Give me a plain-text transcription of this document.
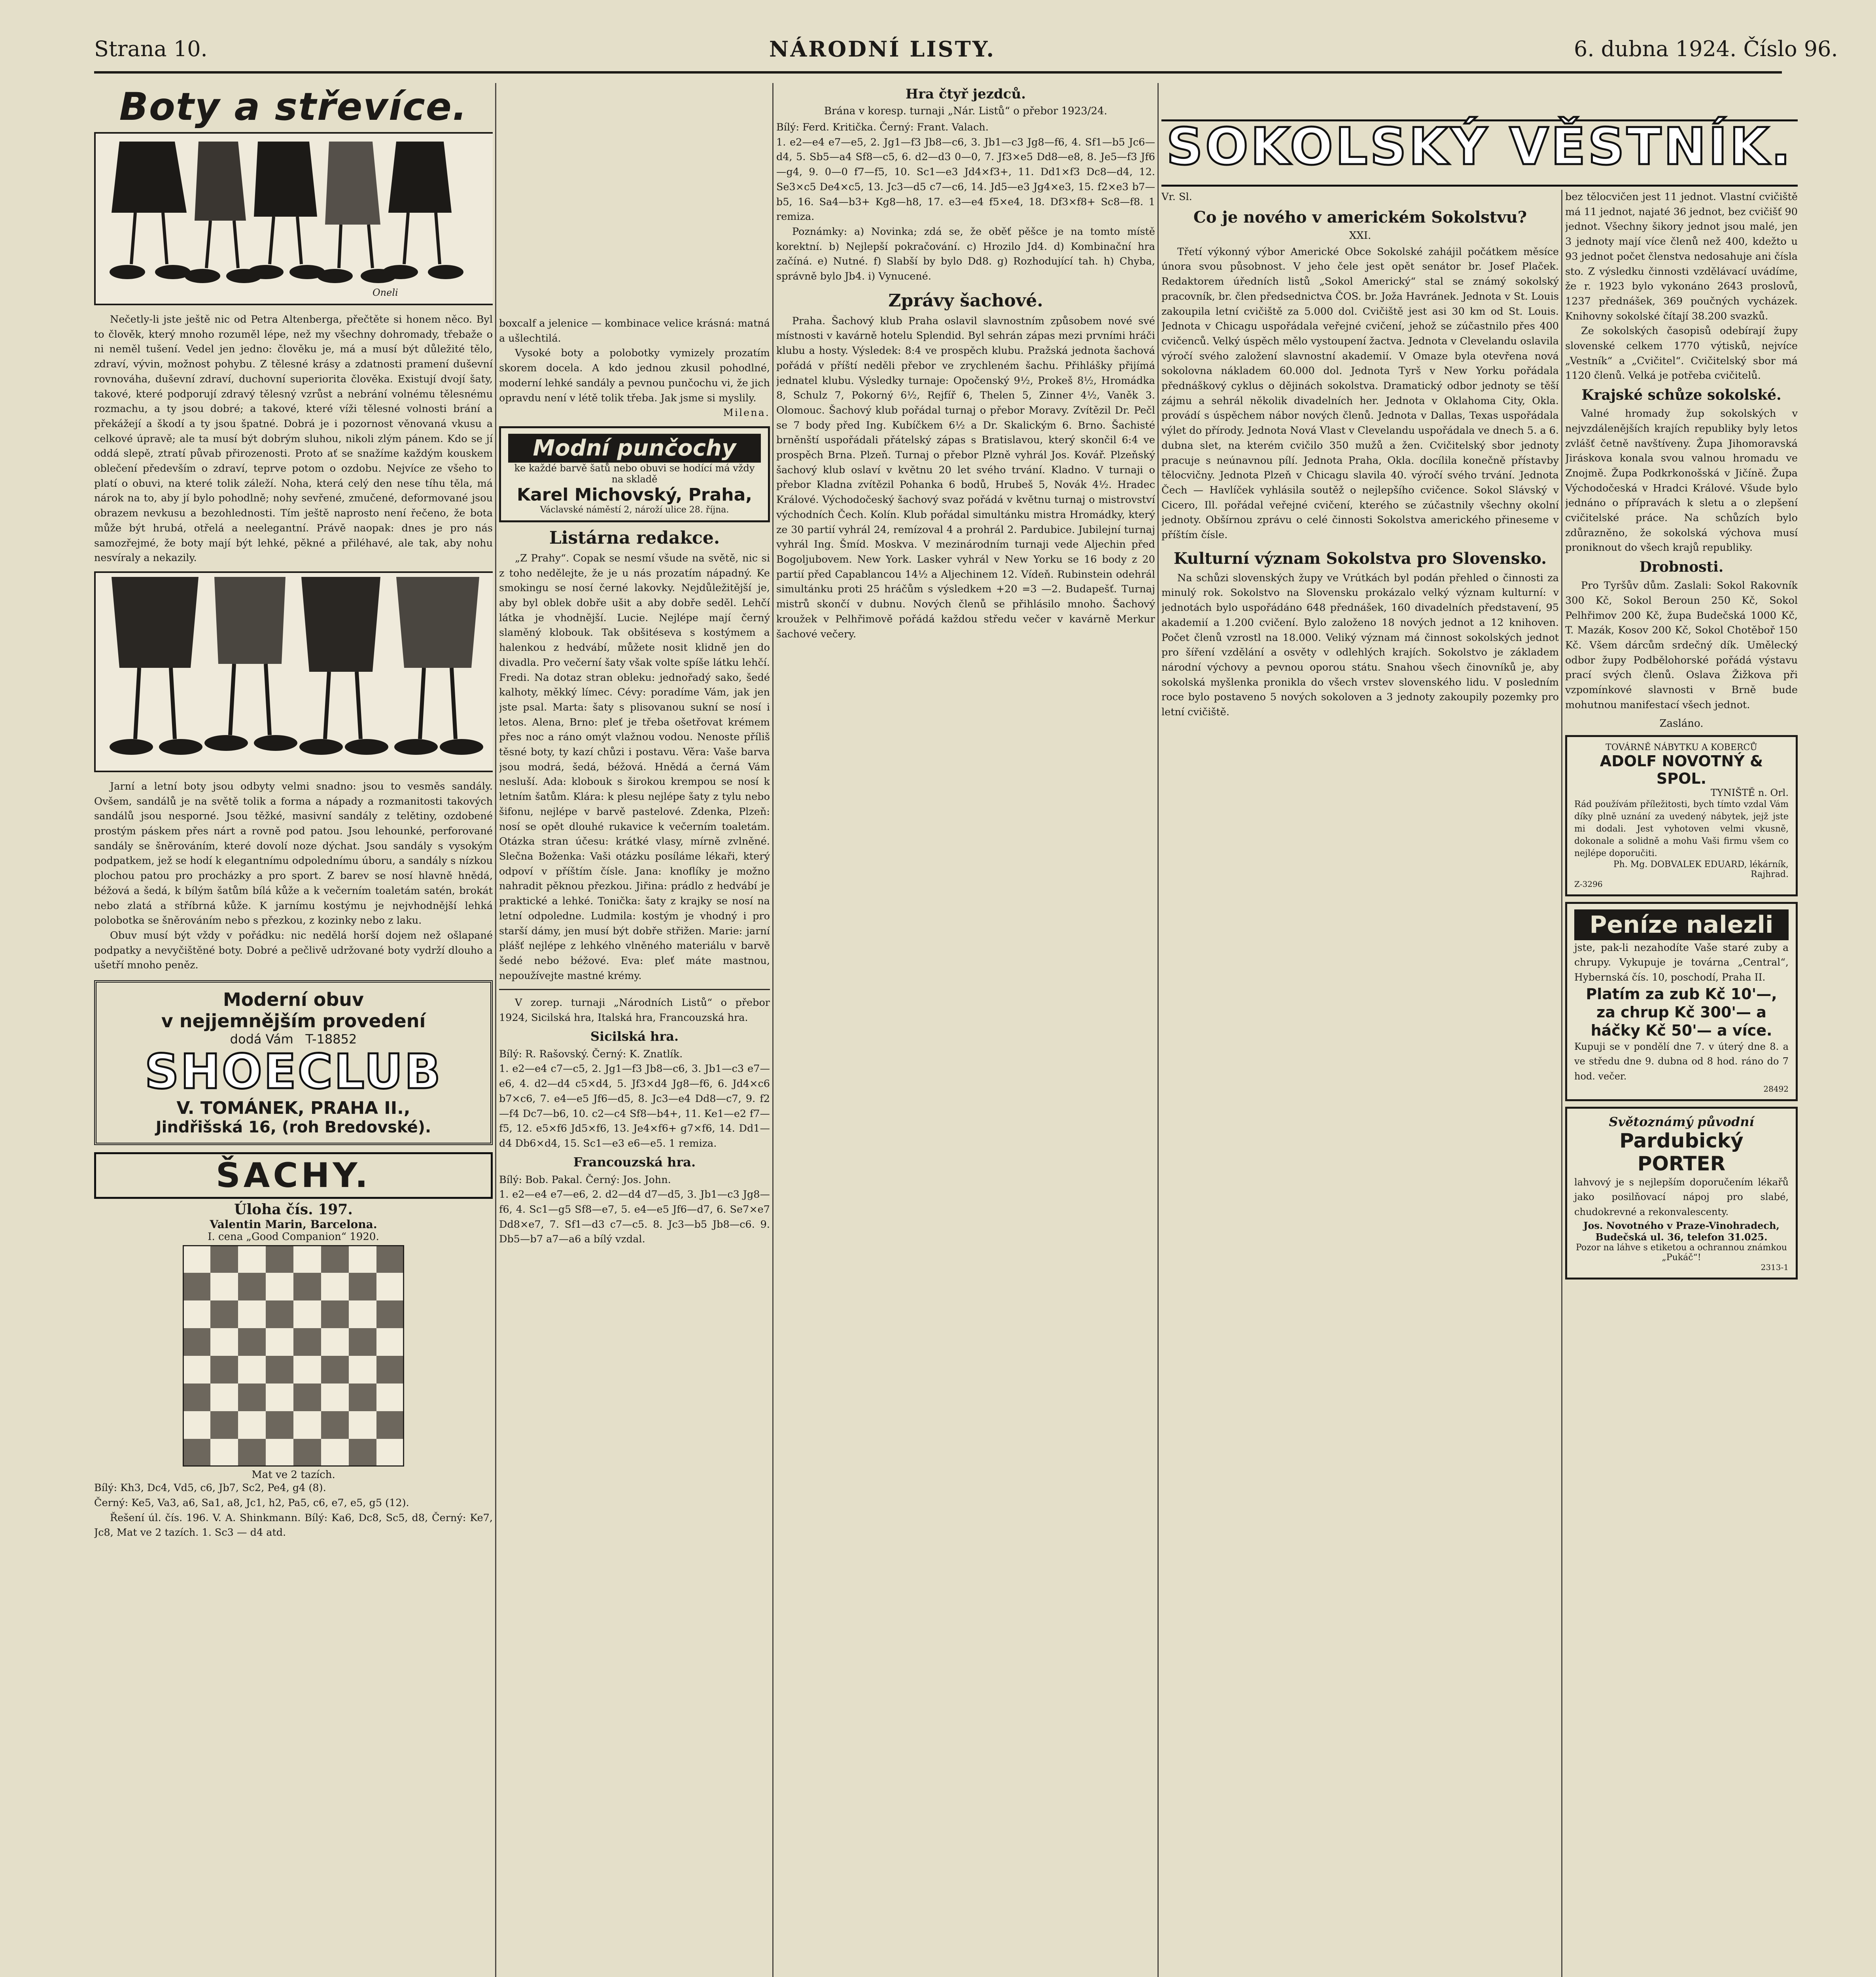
Strana 10.	NÁRODNÍ LISTY.	6. dubna 1924. Číslo 96.
Boty a střevíce.
Oneli

Nečetly-li jste ještě nic od Petra Altenberga, přečtěte si honem něco. Byl to člověk, který mnoho rozuměl lépe, než my všechny dohromady, třebaže o ni neměl tušení. Vedel jen jedno: člověku je, má a musí být důležité tělo, zdraví, vývin, možnost pohybu. Z tělesné krásy a zdatnosti pramení duševní rovnováha, duševní zdraví, duchovní superiorita člověka. Existují dvojí šaty, takové, které podporují zdravý tělesný vzrůst a nebrání volnému tělesnému rozmachu, a ty jsou dobré; a takové, které víži tělesné volnosti brání a překážejí a škodí a ty jsou špatné. Dobrá je i pozornost věnovaná vkusu a celkové úpravě; ale ta musí být dobrým sluhou, nikoli zlým pánem. Kdo se jí oddá slepě, ztratí půvab přirozenosti. Proto ať se snažíme každým kouskem oblečení především o zdraví, teprve potom o ozdobu. Nejvíce ze všeho to platí o obuvi, na které tolik záleží. Noha, která celý den nese tíhu těla, má nárok na to, aby jí bylo pohodlně; nohy sevřené, zmučené, deformované jsou obrazem nevkusu a bezohlednosti. Tím ještě naprosto není řečeno, že bota může být hrubá, otřelá a neelegantní. Právě naopak: dnes je pro nás samozřejmé, že boty mají být lehké, pěkné a přiléhavé, ale tak, aby nohu nesvíraly a nekazily.

Jarní a letní boty jsou odbyty velmi snadno: jsou to vesměs sandály. Ovšem, sandálů je na světě tolik a forma a nápady a rozmanitosti takových sandálů jsou nesporné. Jsou těžké, masivní sandály z telětiny, ozdobené prostým páskem přes nárt a rovně pod patou. Jsou lehounké, perforované sandály se šněrováním, které dovolí noze dýchat. Jsou sandály s vysokým podpatkem, jež se hodí k elegantnímu odpolednímu úboru, a sandály s nízkou plochou patou pro procházky a pro sport. Z barev se nosí hlavně hnědá, béžová a šedá, k bílým šatům bílá kůže a k večerním toaletám satén, brokát nebo zlatá a stříbrná kůže. K jarnímu kostýmu je nejvhodnější lehká polobotka se šněrováním nebo s přezkou, z kozinky nebo z laku.

Obuv musí být vždy v pořádku: nic nedělá horší dojem než ošlapané podpatky a nevyčištěné boty. Dobré a pečlivě udržované boty vydrží dlouho a ušetří mnoho peněz.

Moderní obuv
v nejjemnějším provedení
dodá Vám T-18852
SHOECLUB
V. TOMÁNEK, PRAHA II.,
Jindřišská 16, (roh Bredovské).
ŠACHY.
Úloha čís. 197.
Valentin Marin, Barcelona.
I. cena „Good Companion“ 1920.
Mat ve 2 tazích.

Bílý: Kh3, Dc4, Vd5, c6, Jb7, Sc2, Pe4, g4 (8).

Černý: Ke5, Va3, a6, Sa1, a8, Jc1, h2, Pa5, c6, e7, e5, g5 (12).

Řešení úl. čís. 196. V. A. Shinkmann. Bílý: Ka6, Dc8, Sc5, d8, Černý: Ke7, Jc8, Mat ve 2 tazích. 1. Sc3 — d4 atd.

boxcalf a jelenice — kombinace velice krásná: matná a ušlechtilá.

Vysoké boty a polobotky vymizely prozatím skorem docela. A kdo jednou zkusil pohodlné, moderní lehké sandály a pevnou punčochu vi, že jich opravdu není v létě tolik třeba. Jak jsme si myslily.

Milena.

Modní punčochy
ke každé barvě šatů nebo obuvi se hodící má vždy na skladě
Karel Michovský, Praha,
Václavské náměstí 2, nároží ulice 28. října.
Listárna redakce.

„Z Prahy“. Copak se nesmí všude na světě, nic si z toho nedělejte, že je u nás prozatím nápadný. Ke smokingu se nosí černé lakovky. Nejdůležitější je, aby byl oblek dobře ušit a aby dobře seděl. Lehčí látka je vhodnější. Lucie. Nejlépe mají černý slaměný klobouk. Tak obšitéseva s kostýmem a halenkou z hedvábí, můžete nosit klidně jen do divadla. Pro večerní šaty však volte spíše látku lehčí. Fredi. Na dotaz stran obleku: jednořadý sako, šedé kalhoty, měkký límec. Cévy: poradíme Vám, jak jen jste psal. Marta: šaty s plisovanou sukní se nosí i letos. Alena, Brno: pleť je třeba ošetřovat krémem přes noc a ráno omýt vlažnou vodou. Nenoste příliš těsné boty, ty kazí chůzi i postavu. Věra: Vaše barva jsou modrá, šedá, béžová. Hnědá a černá Vám nesluší. Ada: klobouk s širokou krempou se nosí k letním šatům. Klára: k plesu nejlépe šaty z tylu nebo šifonu, nejlépe v barvě pastelové. Zdenka, Plzeň: nosí se opět dlouhé rukavice k večerním toaletám. Otázka stran účesu: krátké vlasy, mírně zvlněné. Slečna Boženka: Vaši otázku posíláme lékaři, který odpoví v příštím čísle. Jana: knoflíky je možno nahradit pěknou přezkou. Jiřina: prádlo z hedvábí je praktické a lehké. Tonička: šaty z krajky se nosí na letní odpoledne. Ludmila: kostým je vhodný i pro starší dámy, jen musí být dobře střižen. Marie: jarní plášť nejlépe z lehkého vlněného materiálu v barvě šedé nebo béžové. Eva: pleť máte mastnou, nepoužívejte mastné krémy.

V zorep. turnaji „Národních Listů“ o přebor 1924, Sicilská hra, Italská hra, Francouzská hra.

Sicilská hra.

Bílý: R. Rašovský. Černý: K. Znatlík.

1. e2—e4 c7—c5, 2. Jg1—f3 Jb8—c6, 3. Jb1—c3 e7—e6, 4. d2—d4 c5×d4, 5. Jf3×d4 Jg8—f6, 6. Jd4×c6 b7×c6, 7. e4—e5 Jf6—d5, 8. Jc3—e4 Dd8—c7, 9. f2—f4 Dc7—b6, 10. c2—c4 Sf8—b4+, 11. Ke1—e2 f7—f5, 12. e5×f6 Jd5×f6, 13. Je4×f6+ g7×f6, 14. Dd1—d4 Db6×d4, 15. Sc1—e3 e6—e5. 1 remiza.

Francouzská hra.

Bílý: Bob. Pakal. Černý: Jos. John.

1. e2—e4 e7—e6, 2. d2—d4 d7—d5, 3. Jb1—c3 Jg8—f6, 4. Sc1—g5 Sf8—e7, 5. e4—e5 Jf6—d7, 6. Se7×e7 Dd8×e7, 7. Sf1—d3 c7—c5. 8. Jc3—b5 Jb8—c6. 9. Db5—b7 a7—a6 a bílý vzdal.

Hra čtyř jezdců.
Brána v koresp. turnaji „Nár. Listů“ o přebor 1923/24.

Bílý: Ferd. Kritička. Černý: Frant. Valach.

1. e2—e4 e7—e5, 2. Jg1—f3 Jb8—c6, 3. Jb1—c3 Jg8—f6, 4. Sf1—b5 Jc6—d4, 5. Sb5—a4 Sf8—c5, 6. d2—d3 0—0, 7. Jf3×e5 Dd8—e8, 8. Je5—f3 Jf6—g4, 9. 0—0 f7—f5, 10. Sc1—e3 Jd4×f3+, 11. Dd1×f3 Dc8—d4, 12. Se3×c5 De4×c5, 13. Jc3—d5 c7—c6, 14. Jd5—e3 Jg4×e3, 15. f2×e3 b7—b5, 16. Sa4—b3+ Kg8—h8, 17. e3—e4 f5×e4, 18. Df3×f8+ Sc8—f8. 1 remiza.

Poznámky: a) Novinka; zdá se, že oběť pěšce je na tomto místě korektní. b) Nejlepší pokračování. c) Hrozilo Jd4. d) Kombinační hra začíná. e) Nutné. f) Slabší by bylo Dd8. g) Rozhodující tah. h) Chyba, správně bylo Jb4. i) Vynucené.

Zprávy šachové.

Praha. Šachový klub Praha oslavil slavnostním způsobem nové své místnosti v kavárně hotelu Splendid. Byl sehrán zápas mezi prvními hráči klubu a hosty. Výsledek: 8:4 ve prospěch klubu. Pražská jednota šachová pořádá v příští neděli přebor ve zrychleném šachu. Přihlášky přijímá jednatel klubu. Výsledky turnaje: Opočenský 9½, Prokeš 8½, Hromádka 8, Schulz 7, Pokorný 6½, Rejfíř 6, Thelen 5, Zinner 4½, Vaněk 3. Olomouc. Šachový klub pořádal turnaj o přebor Moravy. Zvítězil Dr. Pečl se 7 body před Ing. Kubíčkem 6½ a Dr. Skalickým 6. Brno. Šachisté brněnští uspořádali přátelský zápas s Bratislavou, který skončil 6:4 ve prospěch Brna. Plzeň. Turnaj o přebor Plzně vyhrál Jos. Kovář. Plzeňský šachový klub oslaví v květnu 20 let svého trvání. Kladno. V turnaji o přebor Kladna zvítězil Pohanka 6 bodů, Hrubeš 5, Novák 4½. Hradec Králové. Východočeský šachový svaz pořádá v květnu turnaj o mistrovství východních Čech. Kolín. Klub pořádal simultánku mistra Hromádky, který ze 30 partií vyhrál 24, remízoval 4 a prohrál 2. Pardubice. Jubilejní turnaj vyhrál Ing. Šmíd. Moskva. V mezinárodním turnaji vede Aljechin před Bogoljubovem. New York. Lasker vyhrál v New Yorku se 16 body z 20 partií před Capablancou 14½ a Aljechinem 12. Vídeň. Rubinstein odehrál simultánku proti 25 hráčům s výsledkem +20 =3 —2. Budapešť. Turnaj mistrů skončí v dubnu. Nových členů se přihlásilo mnoho. Šachový kroužek v Pelhřimově pořádá každou středu večer v kavárně Merkur šachové večery.

SOKOLSKÝ VĚSTNÍK.

Vr. Sl.

Co je nového v americkém Sokolstvu?
XXI.

Třetí výkonný výbor Americké Obce Sokolské zahájil počátkem měsíce února svou působnost. V jeho čele jest opět senátor br. Josef Plaček. Redaktorem úředních listů „Sokol Americký“ stal se známý sokolský pracovník, br. člen předsednictva ČOS. br. Joža Havránek. Jednota v St. Louis zakoupila letní cvičiště za 5.000 dol. Cvičiště jest asi 30 km od St. Louis. Jednota v Chicagu uspořádala veřejné cvičení, jehož se zúčastnilo přes 400 cvičenců. Velký úspěch mělo vystoupení žactva. Jednota v Clevelandu oslavila výročí svého založení slavnostní akademií. V Omaze byla otevřena nová sokolovna nákladem 60.000 dol. Jednota Tyrš v New Yorku pořádala přednáškový cyklus o dějinách sokolstva. Dramatický odbor jednoty se těší zájmu a sehrál několik divadelních her. Jednota v Oklahoma City, Okla. provádí s úspěchem nábor nových členů. Jednota v Dallas, Texas uspořádala výlet do přírody. Jednota Nová Vlast v Clevelandu uspořádala ve dnech 5. a 6. dubna slet, na kterém cvičilo 350 mužů a žen. Cvičitelský sbor jednoty pracuje s neúnavnou pílí. Jednota Praha, Okla. docílila konečně přístavby tělocvičny. Jednota Plzeň v Chicagu slavila 40. výročí svého trvání. Jednota Čech — Havlíček vyhlásila soutěž o nejlepšího cvičence. Sokol Slávský v Cicero, Ill. pořádal veřejné cvičení, kterého se zúčastnily všechny okolní jednoty. Obšírnou zprávu o celé činnosti Sokolstva amerického přineseme v příštím čísle.

Kulturní význam Sokolstva pro Slovensko.

Na schůzi slovenských župy ve Vrútkách byl podán přehled o činnosti za minulý rok. Sokolstvo na Slovensku prokázalo velký význam kulturní: v jednotách bylo uspořádáno 648 přednášek, 160 divadelních představení, 95 akademií a 1.200 cvičení. Bylo založeno 18 nových jednot a 12 knihoven. Počet členů vzrostl na 18.000. Veliký význam má činnost sokolských jednot pro šíření vzdělání a osvěty v odlehlých krajích. Sokolstvo je základem národní výchovy a pevnou oporou státu. Snahou všech činovníků je, aby sokolská myšlenka pronikla do všech vrstev slovenského lidu. V posledním roce bylo postaveno 5 nových sokoloven a 3 jednoty zakoupily pozemky pro letní cvičiště.

bez tělocvičen jest 11 jednot. Vlastní cvičiště má 11 jednot, najaté 36 jednot, bez cvičišť 90 jednot. Všechny šikory jednot jsou malé, jen 3 jednoty mají více členů než 400, kdežto u 93 jednot počet členstva nedosahuje ani čísla sto. Z výsledku činnosti vzdělávací uvádíme, že r. 1923 bylo vykonáno 2643 proslovů, 1237 přednášek, 369 poučných vycházek. Knihovny sokolské čítají 38.200 svazků.

Ze sokolských časopisů odebírají župy slovenské celkem 1770 výtisků, nejvíce „Vestník“ a „Cvičitel“. Cvičitelský sbor má 1120 členů. Velká je potřeba cvičitelů.

Krajské schůze sokolské.

Valné hromady žup sokolských v nejvzdálenějších krajích republiky byly letos zvlášť četně navštíveny. Župa Jihomoravská Jiráskova konala svou valnou hromadu ve Znojmě. Župa Podkrkonošská v Jičíně. Župa Východočeská v Hradci Králové. Všude bylo jednáno o přípravách k sletu a o zlepšení cvičitelské práce. Na schůzích bylo zdůrazněno, že sokolská výchova musí proniknout do všech krajů republiky.

Drobnosti.

Pro Tyršův dům. Zaslali: Sokol Rakovník 300 Kč, Sokol Beroun 250 Kč, Sokol Pelhřimov 200 Kč, župa Budečská 1000 Kč, T. Mazák, Kosov 200 Kč, Sokol Chotěboř 150 Kč. Všem dárcům srdečný dík. Umělecký odbor župy Podbělohorské pořádá výstavu prací svých členů. Oslava Žižkova při vzpomínkové slavnosti v Brně bude mohutnou manifestací všech jednot.

Zasláno.
TOVÁRNĚ NÁBYTKU A KOBERCŮ
ADOLF NOVOTNÝ & SPOL.
TYNIŠTĚ n. Orl.

Rád používám příležitosti, bych tímto vzdal Vám díky plně uznání za uvedený nábytek, jejž jste mi dodali. Jest vyhotoven velmi vkusně, dokonale a solidně a mohu Vaši firmu všem co nejlépe doporučiti.

Ph. Mg. DOBVALEK EDUARD, lékárník, Rajhrad.
Z-3296
Peníze nalezli

jste, pak-li nezahodíte Vaše staré zuby a chrupy. Vykupuje je továrna „Central“, Hybernská čís. 10, poschodí, Praha II.

Platím za zub Kč 10'—, za chrup Kč 300'— a háčky Kč 50'— a více.

Kupuji se v pondělí dne 7. v úterý dne 8. a ve středu dne 9. dubna od 8 hod. ráno do 7 hod. večer.

28492
Světoznámý původní
Pardubický PORTER

lahvový je s nejlepším doporučením lékařů jako posilňovací nápoj pro slabé, chudokrevné a rekonvalescenty.

Jos. Novotného v Praze-Vinohradech, Budečská ul. 36, telefon 31.025.
Pozor na láhve s etiketou a ochrannou známkou „Pukáč“!
2313-1
